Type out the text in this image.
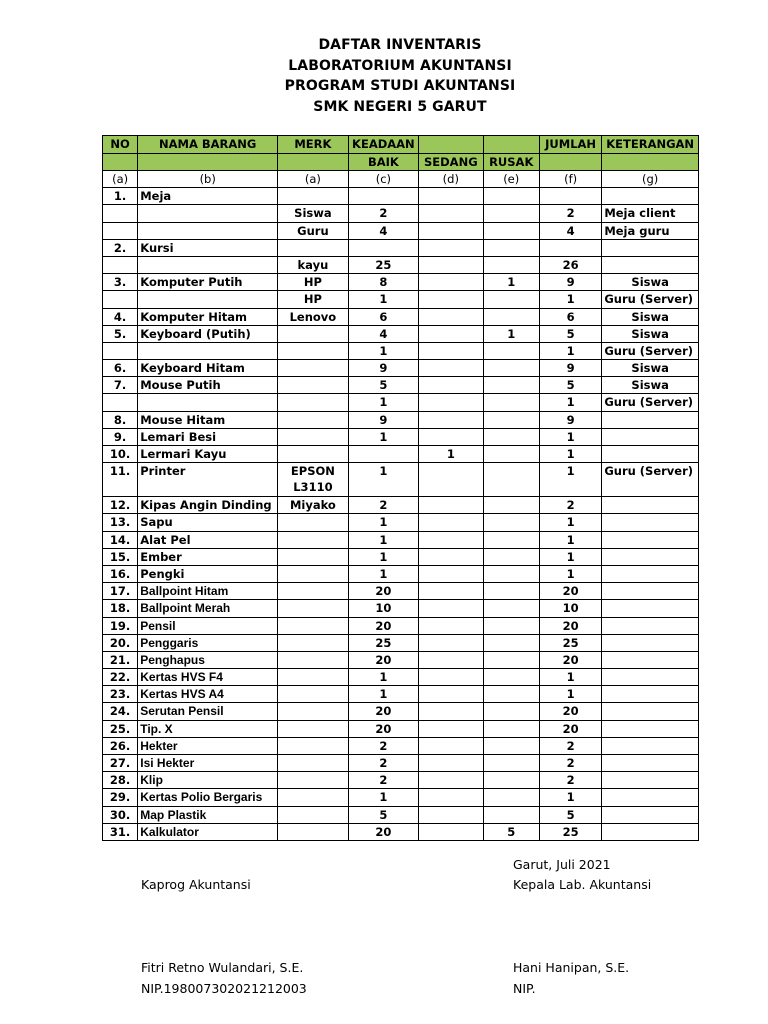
DAFTAR INVENTARIS
LABORATORIUM AKUNTANSI
PROGRAM STUDI AKUNTANSI
SMK NEGERI 5 GARUT
NO	NAMA BARANG	MERK	KEADAAN			JUMLAH	KETERANGAN
			BAIK	SEDANG	RUSAK		
(a)	(b)	(a)	(c)	(d)	(e)	(f)	(g)
1.	Meja						
		Siswa	2			2	Meja client
		Guru	4			4	Meja guru
2.	Kursi						
		kayu	25			26	
3.	Komputer Putih	HP	8		1	9	Siswa
		HP	1			1	Guru (Server)
4.	Komputer Hitam	Lenovo	6			6	Siswa
5.	Keyboard (Putih)		4		1	5	Siswa
			1			1	Guru (Server)
6.	Keyboard Hitam		9			9	Siswa
7.	Mouse Putih		5			5	Siswa
			1			1	Guru (Server)
8.	Mouse Hitam		9			9	
9.	Lemari Besi		1			1	
10.	Lermari Kayu			1		1	
11.	Printer	EPSON L3110	1			1	Guru (Server)
12.	Kipas Angin Dinding	Miyako	2			2	
13.	Sapu		1			1	
14.	Alat Pel		1			1	
15.	Ember		1			1	
16.	Pengki		1			1	
17.	Ballpoint Hitam		20			20	
18.	Ballpoint Merah		10			10	
19.	Pensil		20			20	
20.	Penggaris		25			25	
21.	Penghapus		20			20	
22.	Kertas HVS F4		1			1	
23.	Kertas HVS A4		1			1	
24.	Serutan Pensil		20			20	
25.	Tip. X		20			20	
26.	Hekter		2			2	
27.	Isi Hekter		2			2	
28.	Klip		2			2	
29.	Kertas Polio Bergaris		1			1	
30.	Map Plastik		5			5	
31.	Kalkulator		20		5	25	
Garut, Juli 2021
Kaprog Akuntansi	Kepala Lab. Akuntansi
Fitri Retno Wulandari, S.E.
NIP.198007302021212003
Hani Hanipan, S.E.
NIP.
